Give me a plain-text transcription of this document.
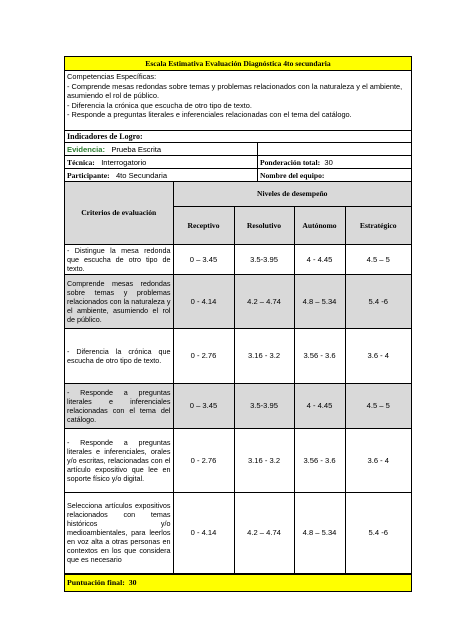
Escala Estimativa Evaluación Diagnóstica 4to secundaria
Competencias Específicas:
- Comprende mesas redondas sobre temas y problemas relacionados con la naturaleza y el ambiente, asumiendo el rol de público.
- Diferencia la crónica que escucha de otro tipo de texto.
- Responde a preguntas literales e inferenciales relacionadas con el tema del catálogo.
Indicadores de Logro:
Evidencia: Prueba Escrita
Técnica: Interrogatorio	Ponderación total: 30
Participante: 4to Secundaria	Nombre del equipo:
Criterios de evaluación	Niveles de desempeño			
	Receptivo	Resolutivo	Autónomo	Estratégico
- Distingue la mesa redonda que escucha de otro tipo de texto.	0 – 3.45	3.5-3.95	4 - 4.45	4.5 – 5
Comprende mesas redondas sobre temas y problemas relacionados con la naturaleza y el ambiente, asumiendo el rol de público.	0 - 4.14	4.2 – 4.74	4.8 – 5.34	5.4 -6
- Diferencia la crónica que escucha de otro tipo de texto.	0 - 2.76	3.16 - 3.2	3.56 - 3.6	3.6 - 4
- Responde a preguntas literales e inferenciales relacionadas con el tema del catálogo.	0 – 3.45	3.5-3.95	4 - 4.45	4.5 – 5
- Responde a preguntas literales e inferenciales, orales y/o escritas, relacionadas con el artículo expositivo que lee en soporte físico y/o digital.	0 - 2.76	3.16 - 3.2	3.56 - 3.6	3.6 - 4
Selecciona artículos expositivos relacionados con temas históricos y/o medioambientales, para leerlos en voz alta a otras personas en contextos en los que considera que es necesario	0 - 4.14	4.2 – 4.74	4.8 – 5.34	5.4 -6
Puntuación final: 30
